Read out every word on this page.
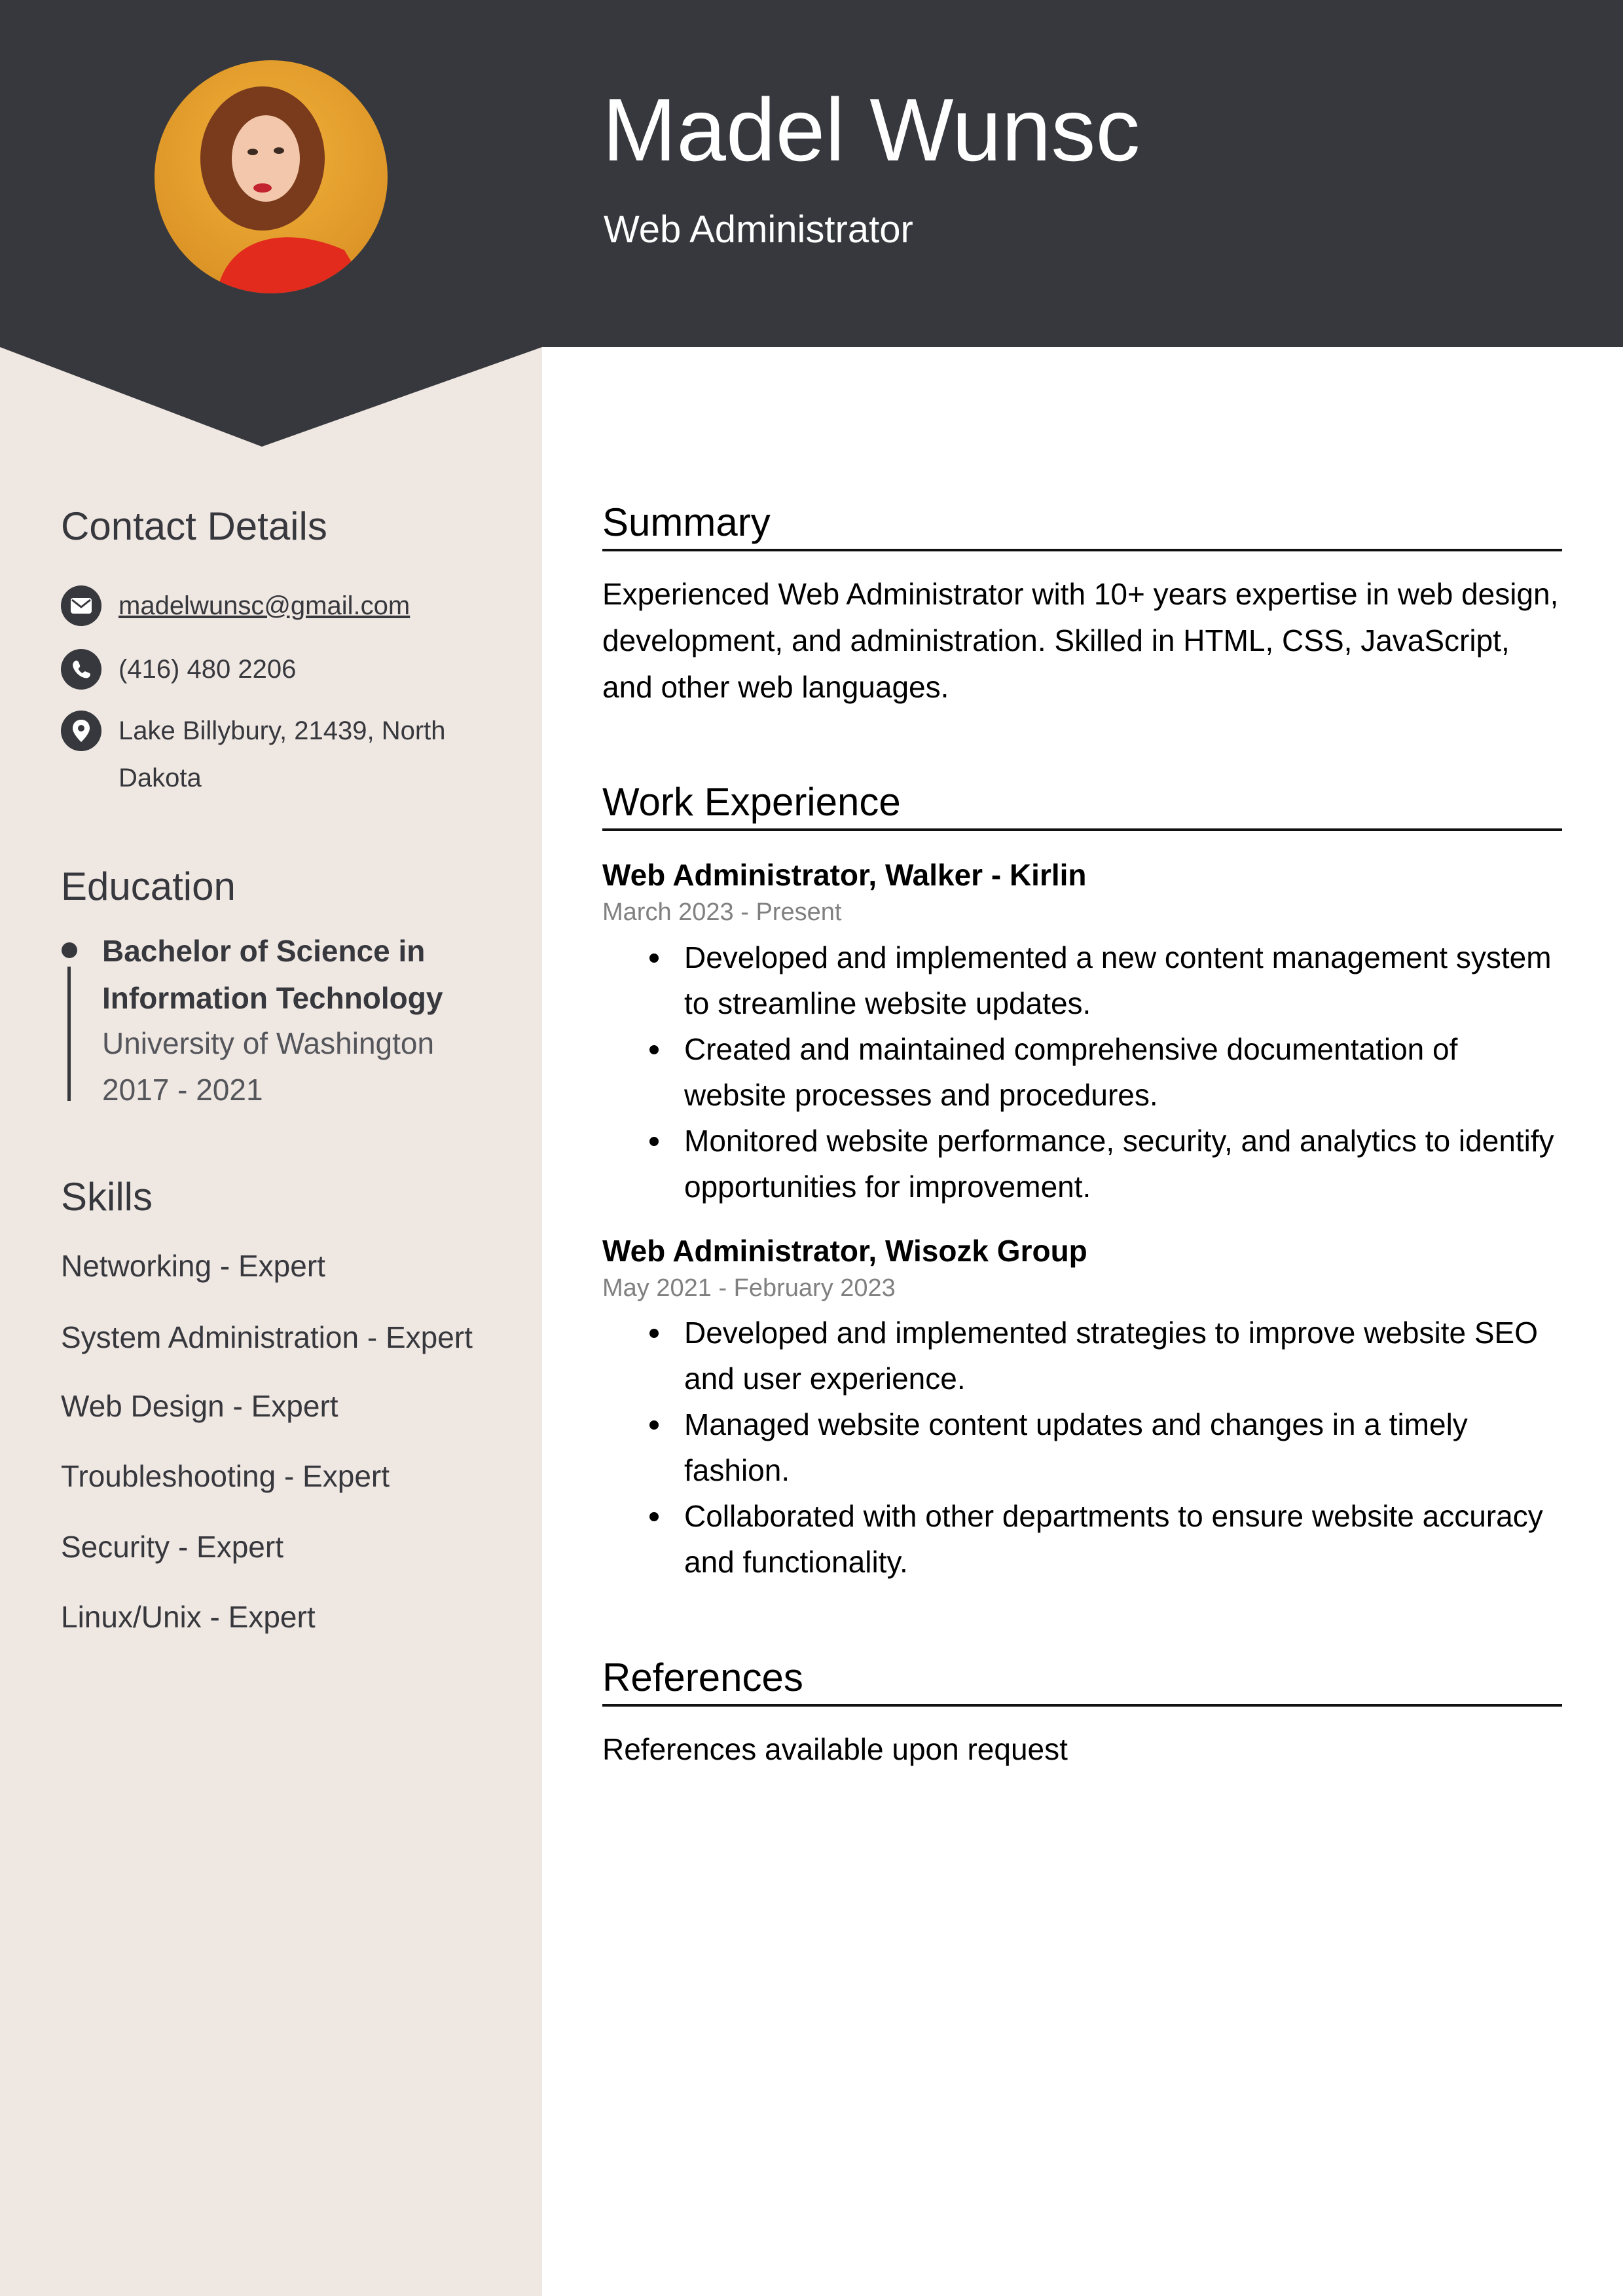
Madel Wunsc
Web Administrator
Contact Details
madelwunsc@gmail.com
(416) 480 2206
Lake Billybury, 21439, North Dakota
Education
Bachelor of Science in Information Technology
University of Washington
2017 - 2021
Skills
Networking - Expert
System Administration - Expert
Web Design - Expert
Troubleshooting - Expert
Security - Expert
Linux/Unix - Expert
Summary
Experienced Web Administrator with 10+ years expertise in web design, development, and administration. Skilled in HTML, CSS, JavaScript, and other web languages.
Work Experience
Web Administrator, Walker - Kirlin
March 2023 - Present
Developed and implemented a new content management system to streamline website updates.
Created and maintained comprehensive documentation of website processes and procedures.
Monitored website performance, security, and analytics to identify opportunities for improvement.
Web Administrator, Wisozk Group
May 2021 - February 2023
Developed and implemented strategies to improve website SEO and user experience.
Managed website content updates and changes in a timely fashion.
Collaborated with other departments to ensure website accuracy and functionality.
References
References available upon request
